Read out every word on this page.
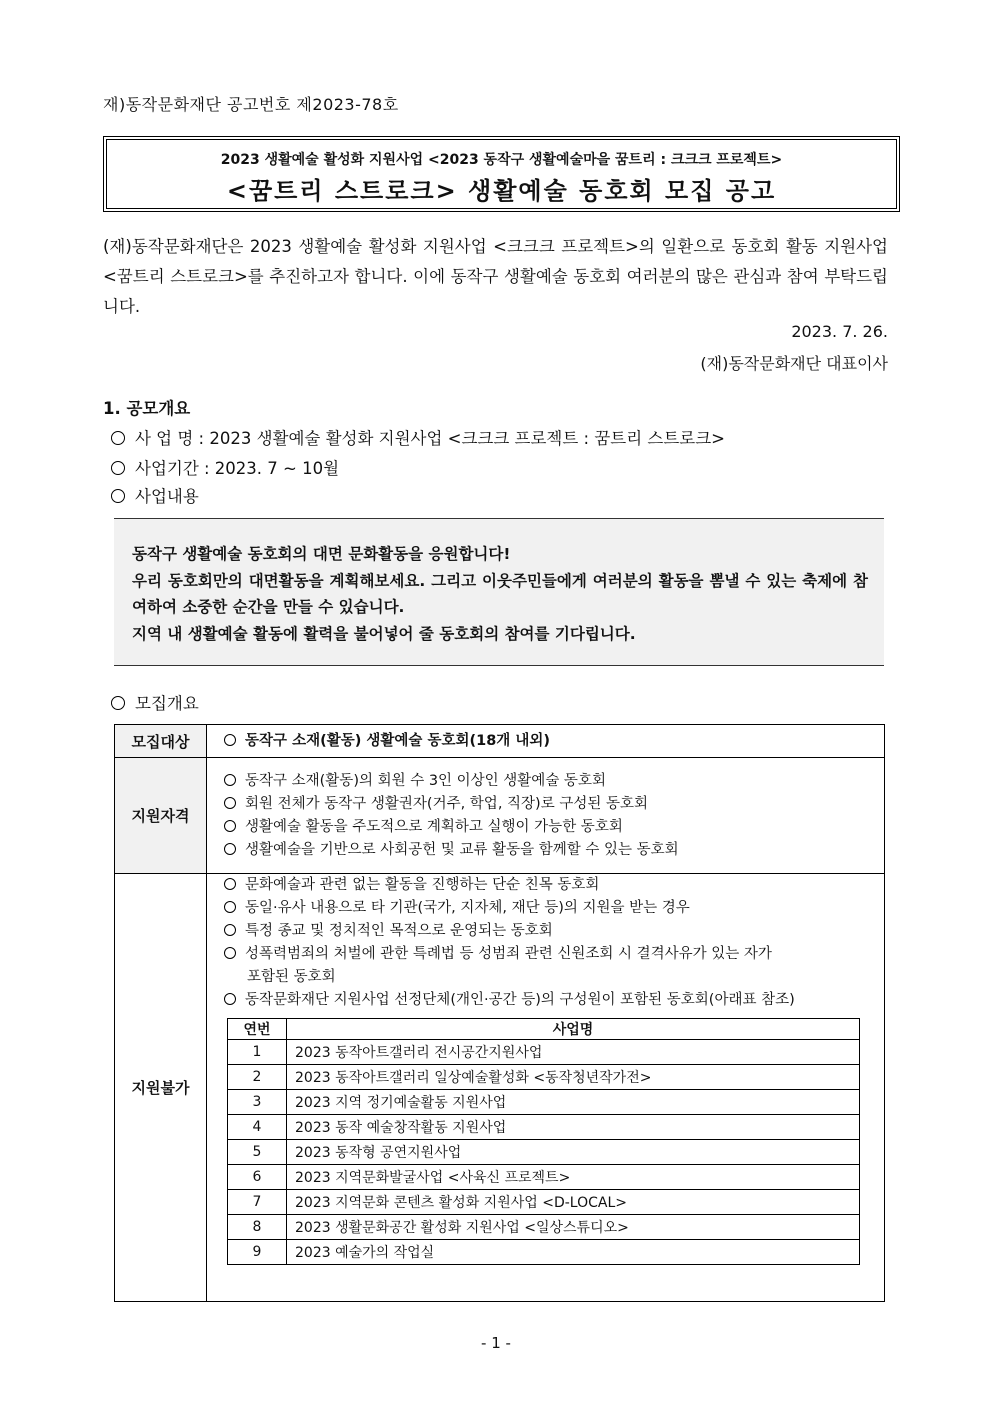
재)동작문화재단 공고번호 제2023-78호
2023 생활예술 활성화 지원사업 <2023 동작구 생활예술마을 꿈트리 : 크크크 프로젝트>
<꿈트리 스트로크> 생활예술 동호회 모집 공고
(재)동작문화재단은 2023 생활예술 활성화 지원사업 <크크크 프로젝트>의 일환으로 동호회 활동 지원사업 <꿈트리 스트로크>를 추진하고자 합니다. 이에 동작구 생활예술 동호회 여러분의 많은 관심과 참여 부탁드립니다.
2023. 7. 26.
(재)동작문화재단 대표이사
1. 공모개요
사 업 명 : 2023 생활예술 활성화 지원사업 <크크크 프로젝트 : 꿈트리 스트로크>
사업기간 : 2023. 7 ~ 10월
사업내용
동작구 생활예술 동호회의 대면 문화활동을 응원합니다!
우리 동호회만의 대면활동을 계획해보세요. 그리고 이웃주민들에게 여러분의 활동을 뽐낼 수 있는 축제에 참여하여 소중한 순간을 만들 수 있습니다.
지역 내 생활예술 활동에 활력을 불어넣어 줄 동호회의 참여를 기다립니다.
모집개요
모집대상	동작구 소재(활동) 생활예술 동호회(18개 내외)

지원자격	
동작구 소재(활동)의 회원 수 3인 이상인 생활예술 동호회
회원 전체가 동작구 생활권자(거주, 학업, 직장)로 구성된 동호회
생활예술 활동을 주도적으로 계획하고 실행이 가능한 동호회
생활예술을 기반으로 사회공헌 및 교류 활동을 함께할 수 있는 동호회

지원불가	
문화예술과 관련 없는 활동을 진행하는 단순 친목 동호회
동일·유사 내용으로 타 기관(국가, 지자체, 재단 등)의 지원을 받는 경우
특정 종교 및 정치적인 목적으로 운영되는 동호회
성폭력범죄의 처벌에 관한 특례법 등 성범죄 관련 신원조회 시 결격사유가 있는 자가
포함된 동호회
동작문화재단 지원사업 선정단체(개인·공간 등)의 구성원이 포함된 동호회(아래표 참조)
연번	사업명
1	2023 동작아트갤러리 전시공간지원사업
2	2023 동작아트갤러리 일상예술활성화 <동작청년작가전>
3	2023 지역 정기예술활동 지원사업
4	2023 동작 예술창작활동 지원사업
5	2023 동작형 공연지원사업
6	2023 지역문화발굴사업 <사육신 프로젝트>
7	2023 지역문화 콘텐츠 활성화 지원사업 <D-LOCAL>
8	2023 생활문화공간 활성화 지원사업 <일상스튜디오>
9	2023 예술가의 작업실
- 1 -
